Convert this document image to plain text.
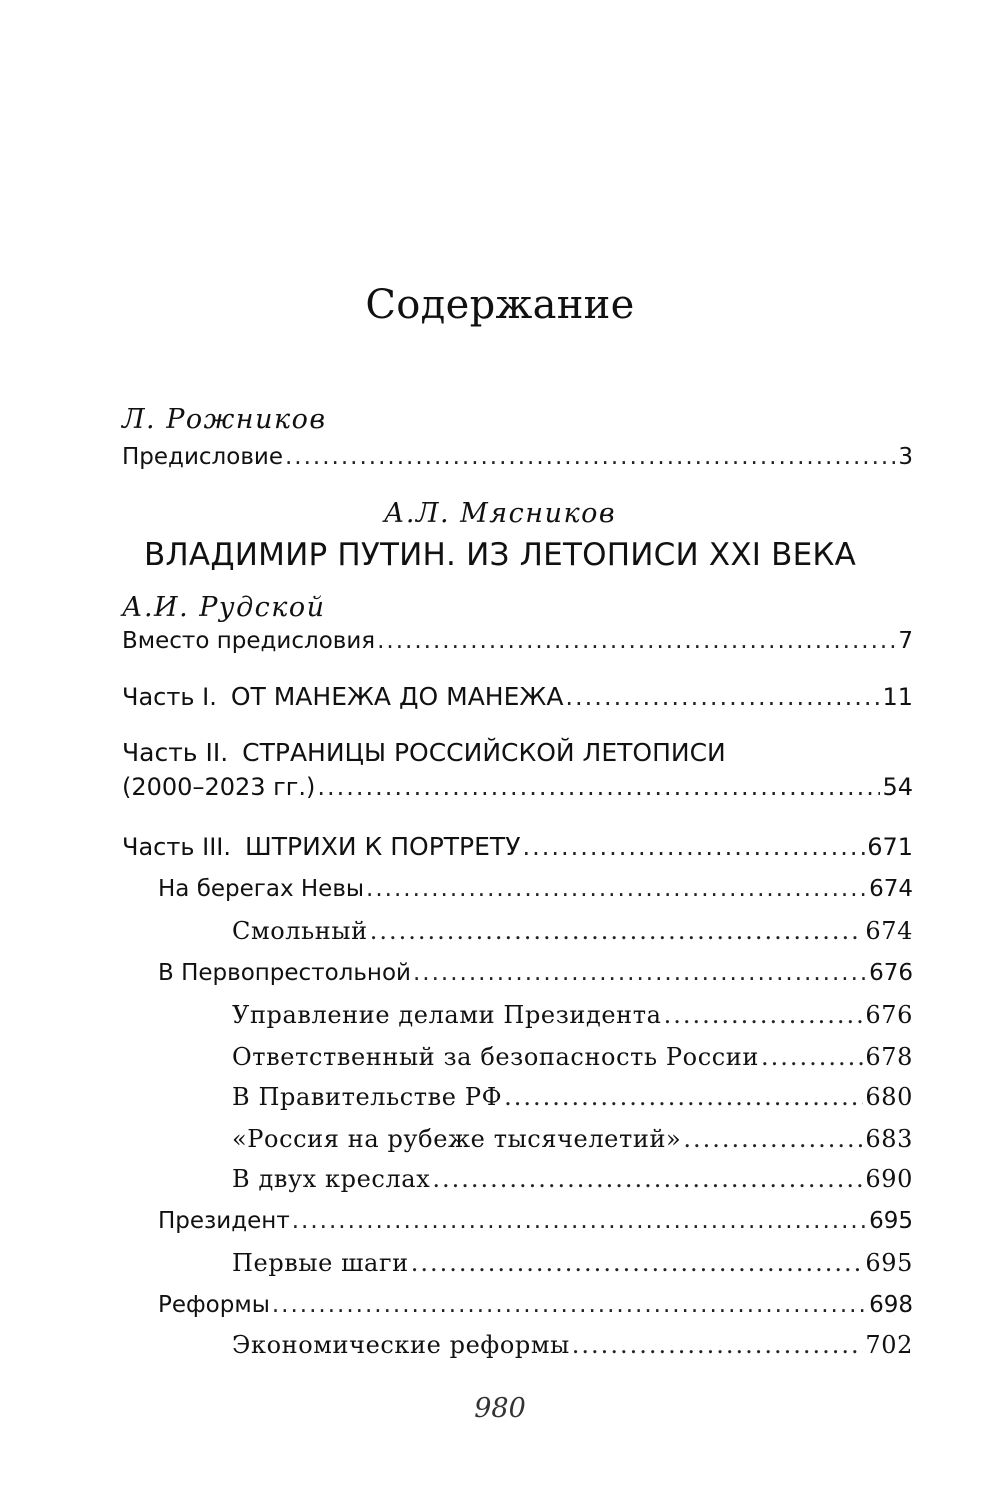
Содержание
Л. Рожников
Предисловие .....	3
А.Л. Мясников
ВЛАДИМИР ПУТИН. ИЗ ЛЕТОПИСИ XXI ВЕКА
А.И. Рудской
Вместо предисловия .....	7
Часть I. ОТ МАНЕЖА ДО МАНЕЖА .....	11
Часть II. СТРАНИЦЫ РОССИЙСКОЙ ЛЕТОПИСИ
(2000–2023 гг.) .....	54
Часть III. ШТРИХИ К ПОРТРЕТУ .....	671
На берегах Невы .....	674
Смольный .....	674
В Первопрестольной .....	676
Управление делами Президента .....	676
Ответственный за безопасность России .....	678
В Правительстве РФ .....	680
«Россия на рубеже тысячелетий» .....	683
В двух креслах .....	690
Президент .....	695
Первые шаги .....	695
Реформы .....	698
Экономические реформы .....	702
980
